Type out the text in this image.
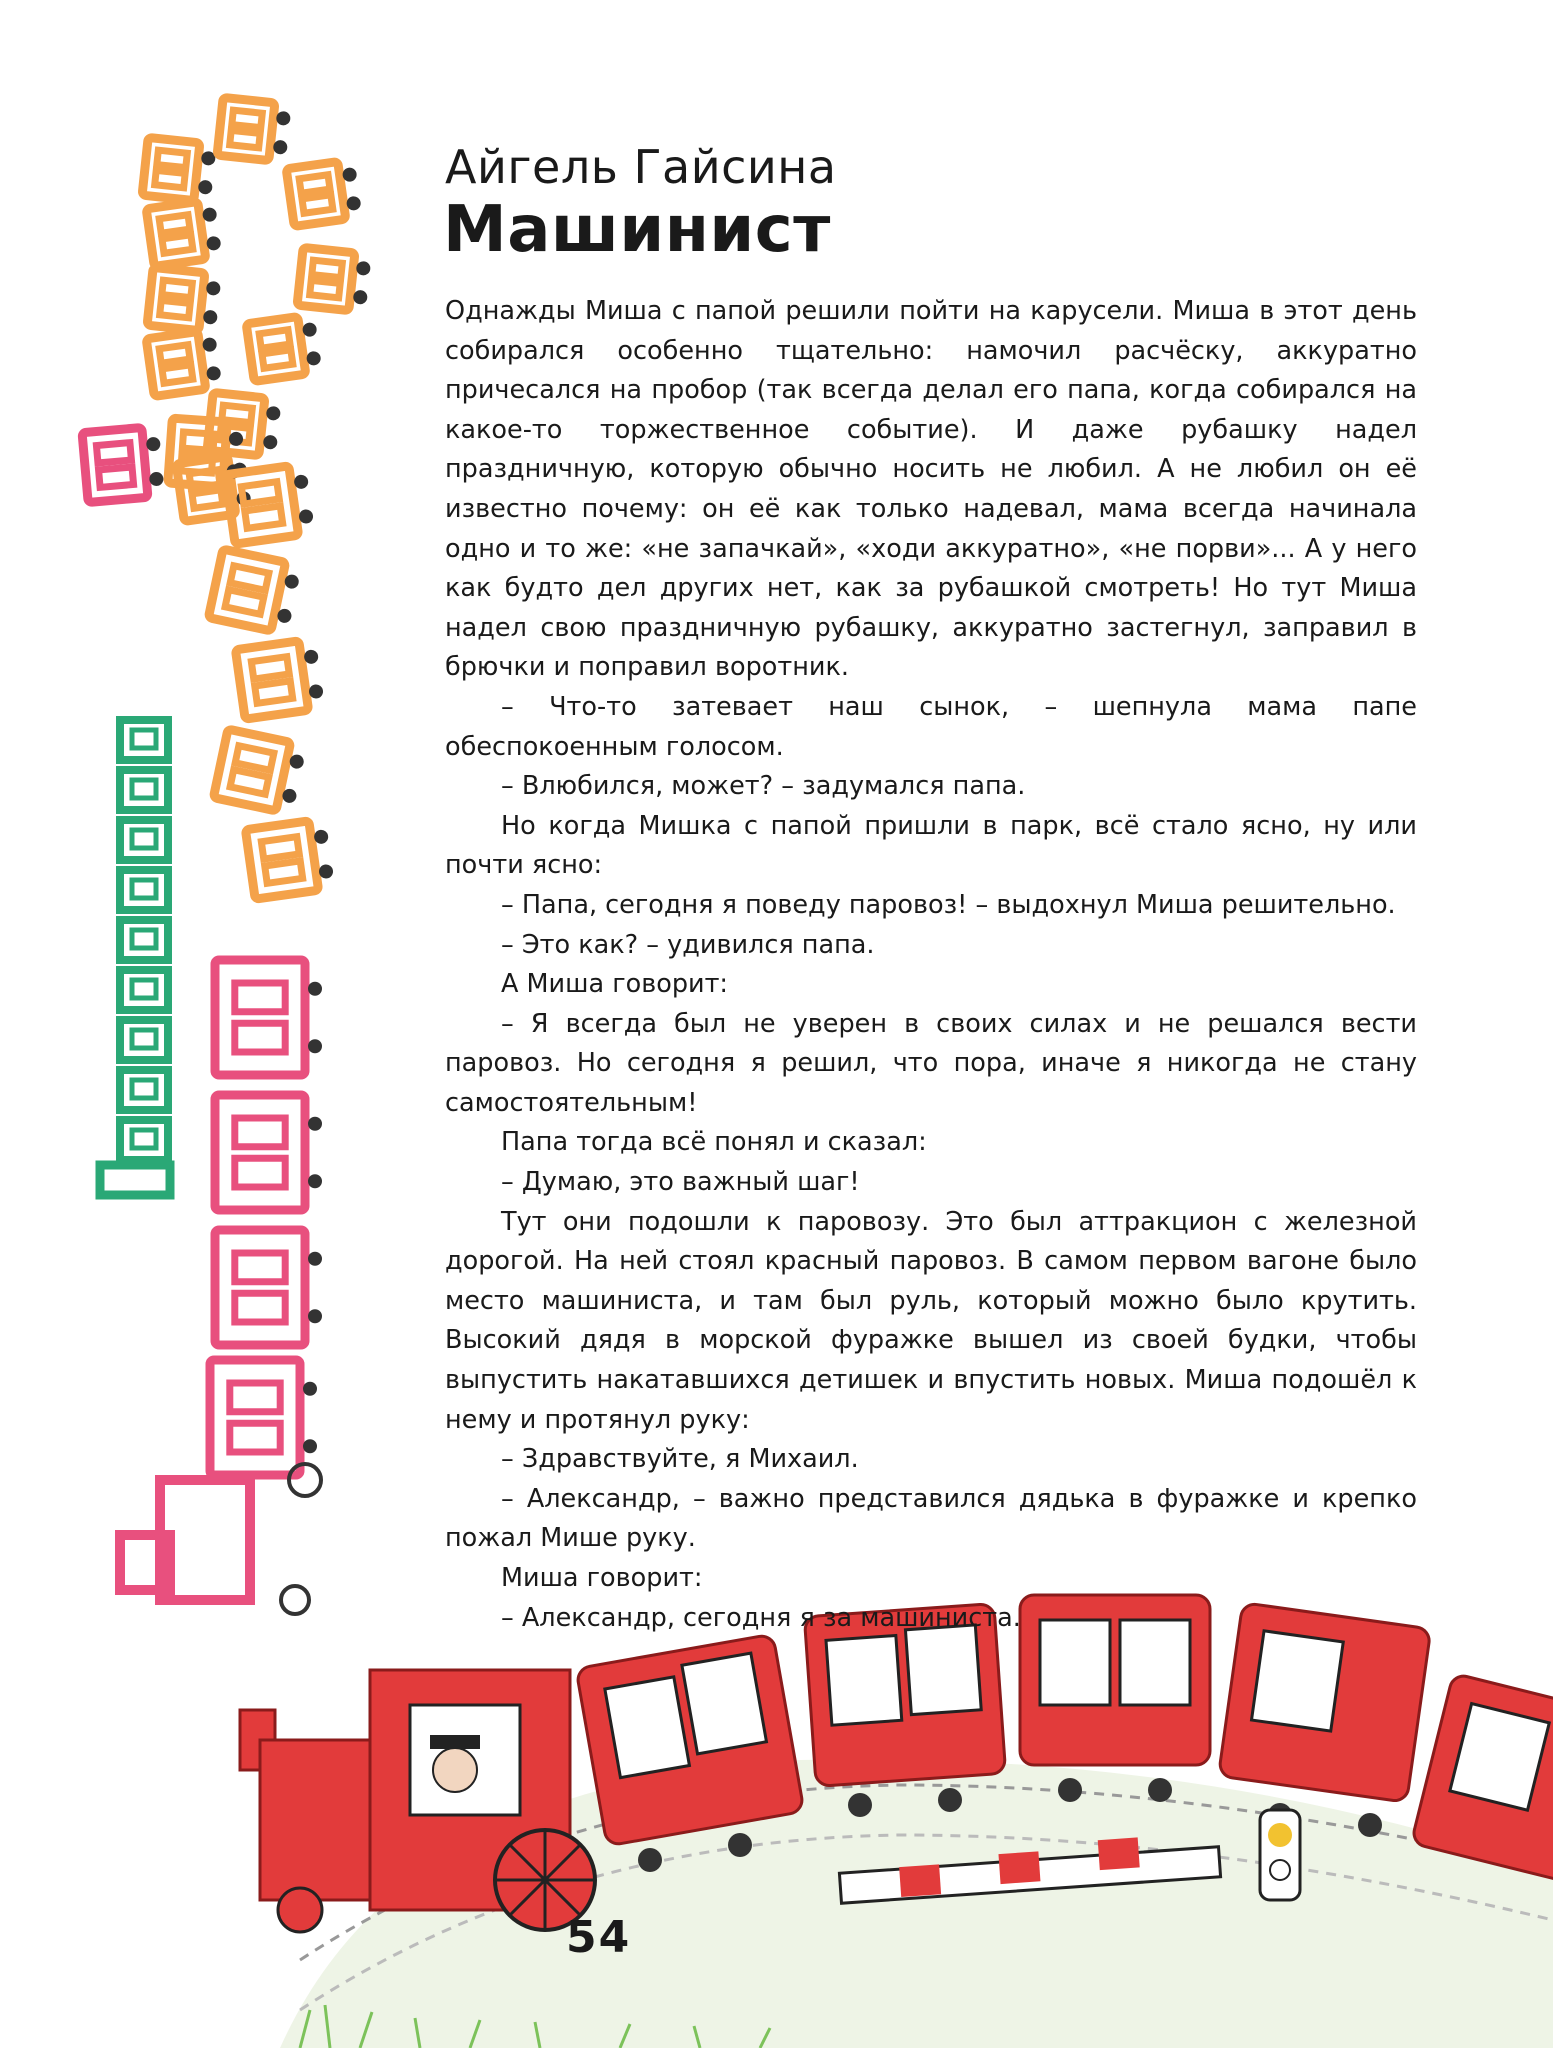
Айгель Гайсина
Машинист

Однажды Миша с папой решили пойти на карусели. Миша в этот день собирался особенно тщательно: намочил расчёску, аккуратно причесался на пробор (так всегда делал его папа, когда собирался на какое-то торжественное событие). И даже рубашку надел праздничную, которую обычно носить не любил. А не любил он её известно почему: он её как только надевал, мама всегда начинала одно и то же: «не запачкай», «ходи аккуратно», «не порви»... А у него как будто дел других нет, как за рубашкой смотреть! Но тут Миша надел свою праздничную рубашку, аккуратно застегнул, заправил в брючки и поправил воротник.

– Что-то затевает наш сынок, – шепнула мама папе обеспокоенным голосом.

– Влюбился, может? – задумался папа.

Но когда Мишка с папой пришли в парк, всё стало ясно, ну или почти ясно:

– Папа, сегодня я поведу паровоз! – выдохнул Миша решительно.

– Это как? – удивился папа.

А Миша говорит:

– Я всегда был не уверен в своих силах и не решался вести паровоз. Но сегодня я решил, что пора, иначе я никогда не стану самостоятельным!

Папа тогда всё понял и сказал:

– Думаю, это важный шаг!

Тут они подошли к паровозу. Это был аттракцион с железной дорогой. На ней стоял красный паровоз. В самом первом вагоне было место машиниста, и там был руль, который можно было крутить. Высокий дядя в морской фуражке вышел из своей будки, чтобы выпустить накатавшихся детишек и впустить новых. Миша подошёл к нему и протянул руку:

– Здравствуйте, я Михаил.

– Александр, – важно представился дядька в фуражке и крепко пожал Мише руку.

Миша говорит:

– Александр, сегодня я за машиниста.

54
